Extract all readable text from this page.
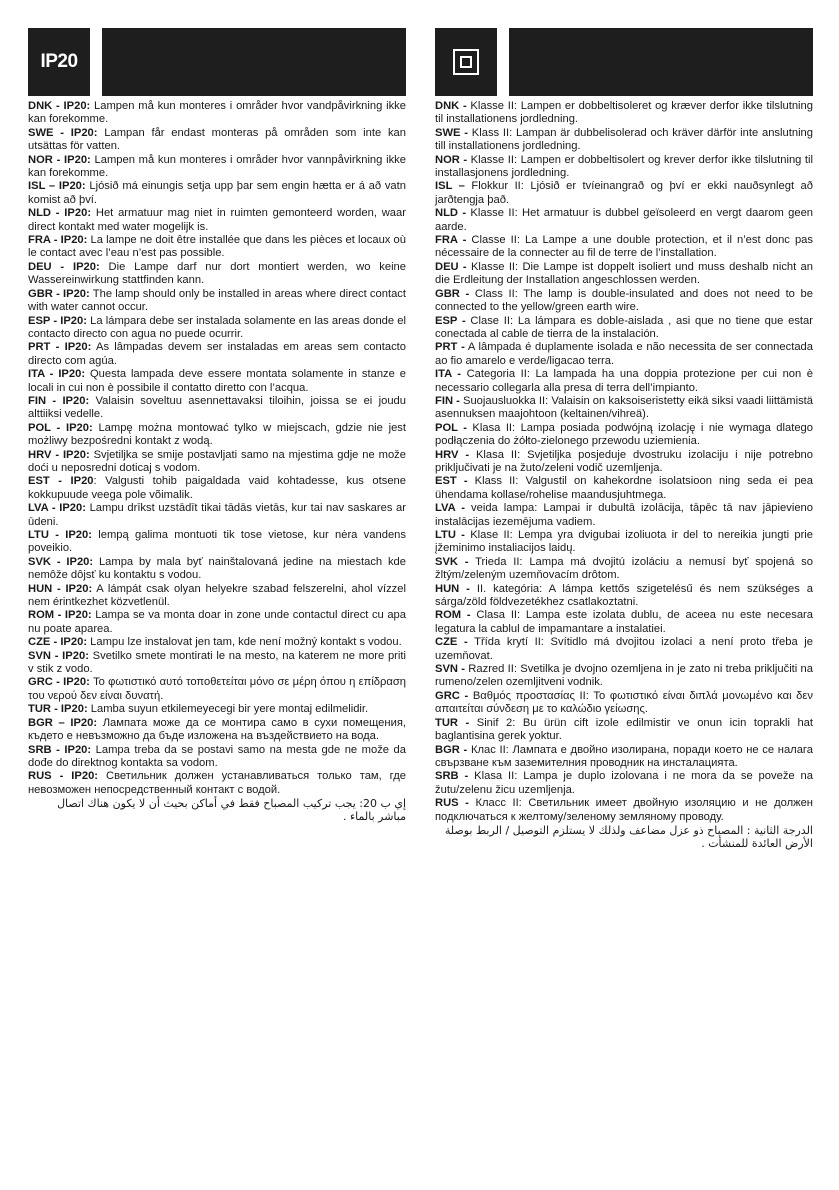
IP20

DNK - IP20: Lampen må kun monteres i områder hvor vandpåvirkning ikke kan forekomme.

SWE - IP20: Lampan får endast monteras på områden som inte kan utsättas för vatten.

NOR - IP20: Lampen må kun monteres i områder hvor vannpåvirkning ikke kan forekomme.

ISL – IP20: Ljósið má einungis setja upp þar sem engin hætta er á að vatn komist að því.

NLD - IP20: Het armatuur mag niet in ruimten gemonteerd worden, waar direct kontakt med water mogelijk is.

FRA - IP20: La lampe ne doit être installée que dans les pièces et locaux où le contact avec l’eau n’est pas possible.

DEU - IP20: Die Lampe darf nur dort montiert werden, wo keine Wassereinwirkung stattfinden kann.

GBR - IP20: The lamp should only be installed in areas where direct contact with water cannot occur.

ESP - IP20: La lámpara debe ser instalada solamente en las areas donde el contacto directo con agua no puede ocurrir.

PRT - IP20: As lâmpadas devem ser instaladas em areas sem contacto directo com agúa.

ITA - IP20: Questa lampada deve essere montata solamente in stanze e locali in cui non è possibile il contatto diretto con l’acqua.

FIN - IP20: Valaisin soveltuu asennettavaksi tiloihin, joissa se ei joudu alttiiksi vedelle.

POL - IP20: Lampę można montować tylko w miejscach, gdzie nie jest możliwy bezpośredni kontakt z wodą.

HRV - IP20: Svjetiljka se smije postavljati samo na mjestima gdje ne može doći u neposredni doticaj s vodom.

EST - IP20: Valgusti tohib paigaldada vaid kohtadesse, kus otsene kokkupuude veega pole võimalik.

LVA - IP20: Lampu drīkst uzstādīt tikai tādās vietās, kur tai nav saskares ar ūdeni.

LTU - IP20: lempą galima montuoti tik tose vietose, kur nėra vandens poveikio.

SVK - IP20: Lampa by mala byť nainštalovaná jedine na miestach kde nemôže dôjsť ku kontaktu s vodou.

HUN - IP20: A lámpát csak olyan helyekre szabad felszerelni, ahol vízzel nem érintkezhet közvetlenül.

ROM - IP20: Lampa se va monta doar in zone unde contactul direct cu apa nu poate aparea.

CZE - IP20: Lampu lze instalovat jen tam, kde není možný kontakt s vodou.

SVN - IP20: Svetilko smete montirati le na mesto, na katerem ne more priti v stik z vodo.

GRC - IP20: Το φωτιστικό αυτό τοποθετείται μόνο σε μέρη όπου η επίδραση του νερού δεν είναι δυνατή.

TUR - IP20: Lamba suyun etkilemeyecegi bir yere montaj edilmelidir.

BGR – IP20: Лампата може да се монтира само в сухи помещения, където е невъзможно да бъде изложена на въздействието на вода.

SRB - IP20: Lampa treba da se postavi samo na mesta gde ne može da dođe do direktnog kontakta sa vodom.

RUS - IP20: Светильник должен устанавливаться только там, где невозможен непосредственный контакт с водой.

إي ب 20: يجب تركيب المصباح فقط في أماكن بحيث أن لا يكون هناك اتصال مباشر بالماء .

DNK - Klasse II: Lampen er dobbeltisoleret og kræver derfor ikke tilslutning til installationens jordledning.

SWE - Klass II: Lampan är dubbelisolerad och kräver därför inte anslutning till installationens jordledning.

NOR - Klasse II: Lampen er dobbeltisolert og krever derfor ikke tilslutning til installasjonens jordledning.

ISL – Flokkur II: Ljósið er tvíeinangrað og því er ekki nauðsynlegt að jarðtengja það.

NLD - Klasse II: Het armatuur is dubbel geïsoleerd en vergt daarom geen aarde.

FRA - Classe II: La Lampe a une double protection, et il n’est donc pas nécessaire de la connecter au fil de terre de l’installation.

DEU - Klasse II: Die Lampe ist doppelt isoliert und muss deshalb nicht an die Erdleitung der Installation angeschlossen werden.

GBR - Class II: The lamp is double-insulated and does not need to be connected to the yellow/green earth wire.

ESP - Clase II: La lámpara es doble-aislada , asi que no tiene que estar conectada al cable de tierra de la instalación.

PRT - A lâmpada é duplamente isolada e não necessita de ser connectada ao fio amarelo e verde/ligacao terra.

ITA - Categoria II: La lampada ha una doppia protezione per cui non è necessario collegarla alla presa di terra dell’impianto.

FIN - Suojausluokka II: Valaisin on kaksoiseristetty eikä siksi vaadi liittämistä asennuksen maajohtoon (keltainen/vihreä).

POL - Klasa II: Lampa posiada podwójną izolację i nie wymaga dlatego podłączenia do żółto-zielonego przewodu uziemienia.

HRV - Klasa II: Svjetiljka posjeduje dvostruku izolaciju i nije potrebno priključivati je na žuto/zeleni vodič uzemljenja.

EST - Klass II: Valgustil on kahekordne isolatsioon ning seda ei pea ühendama kollase/rohelise maandusjuhtmega.

LVA - veida lampa: Lampai ir dubultā izolācija, tāpēc tā nav jāpievieno instalācijas iezemējuma vadiem.

LTU - Klase II: Lempa yra dvigubai izoliuota ir del to nereikia jungti prie įžeminimo instaliacijos laidų.

SVK - Trieda II: Lampa má dvojitú izoláciu a nemusí byť spojená so žltým/zeleným uzemňovacím drôtom.

HUN - II. kategória: A lámpa kettős szigetelésű és nem szükséges a sárga/zöld földvezetékhez csatlakoztatni.

ROM - Clasa II: Lampa este izolata dublu, de aceea nu este necesara legatura la cablul de impamantare a instalatiei.

CZE - Třída krytí II: Svítidlo má dvojitou izolaci a není proto třeba je uzemňovat.

SVN - Razred II: Svetilka je dvojno ozemljena in je zato ni treba priključiti na rumeno/zelen ozemljitveni vodnik.

GRC - Βαθμός προστασίας II: Το φωτιστικό είναι διπλά μονωμένο και δεν απαιτείται σύνδεση με το καλώδιο γείωσης.

TUR - Sinif 2: Bu ürün cift izole edilmistir ve onun icin toprakli hat baglantisina gerek yoktur.

BGR - Клас II: Лампата е двойно изолирана, поради което не се налага свързване към заземителния проводник на инсталацията.

SRB - Klasa II: Lampa je duplo izolovana i ne mora da se poveže na žutu/zelenu žicu uzemljenja.

RUS - Класс II: Светильник имеет двойную изоляцию и не должен подключаться к желтому/зеленому земляному проводу.

الدرجة الثانية : المصباح ذو عزل مضاعف ولذلك لا يستلزم التوصيل / الربط بوصلة الأرض العائدة للمنشأت .
